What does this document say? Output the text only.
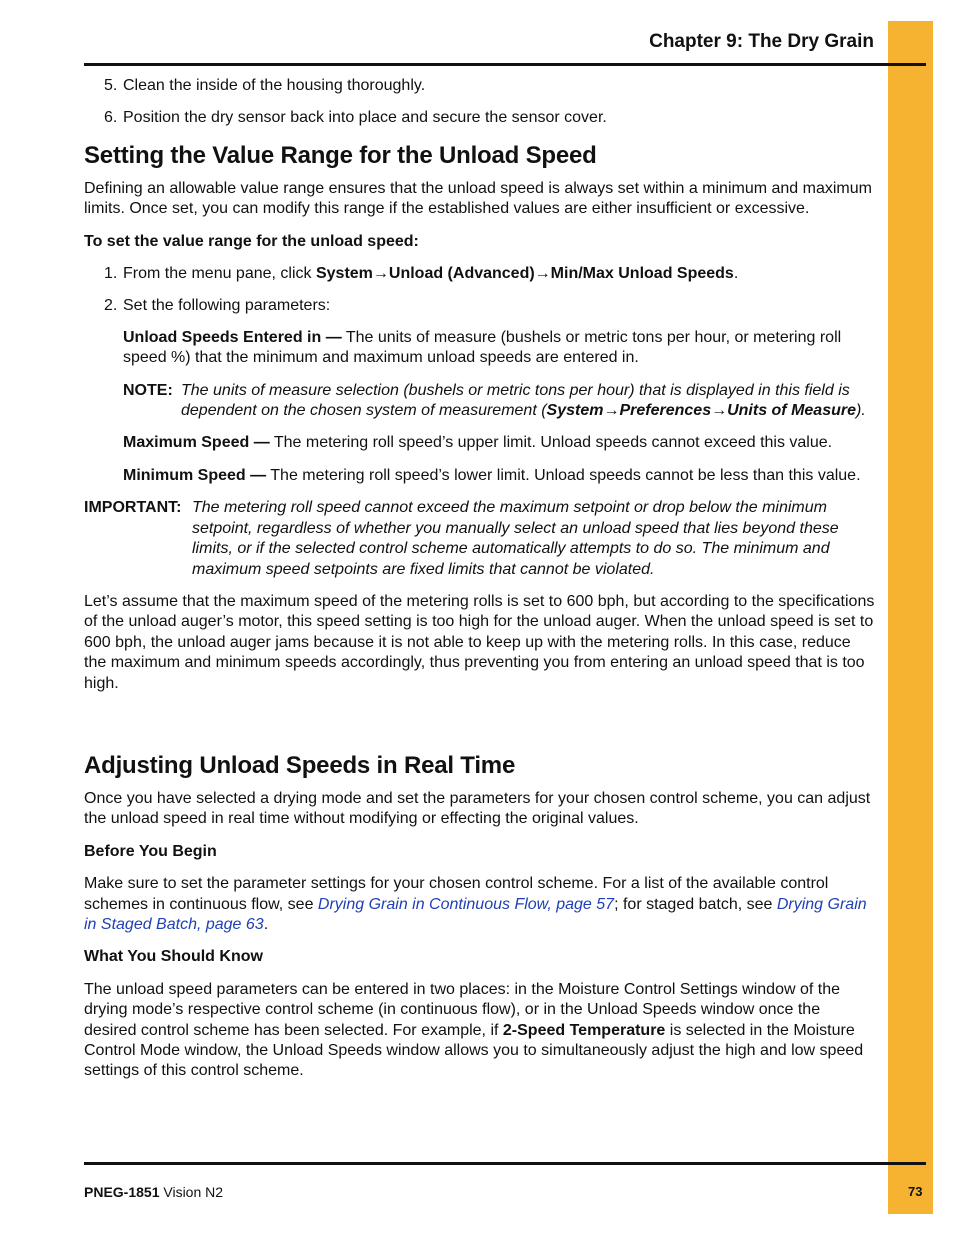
Chapter 9: The Dry Grain
5. Clean the inside of the housing thoroughly.
6. Position the dry sensor back into place and secure the sensor cover.
Setting the Value Range for the Unload Speed

Defining an allowable value range ensures that the unload speed is always set within a minimum and maximum limits. Once set, you can modify this range if the established values are either insufficient or excessive.

To set the value range for the unload speed:

1. From the menu pane, click System→Unload (Advanced)→Min/Max Unload Speeds.
2. Set the following parameters:

Unload Speeds Entered in — The units of measure (bushels or metric tons per hour, or metering roll speed %) that the minimum and maximum unload speeds are entered in.

NOTE: The units of measure selection (bushels or metric tons per hour) that is displayed in this field is dependent on the chosen system of measurement (System→Preferences→Units of Measure).

Maximum Speed — The metering roll speed’s upper limit. Unload speeds cannot exceed this value.

Minimum Speed — The metering roll speed’s lower limit. Unload speeds cannot be less than this value.

IMPORTANT: The metering roll speed cannot exceed the maximum setpoint or drop below the minimum setpoint, regardless of whether you manually select an unload speed that lies beyond these limits, or if the selected control scheme automatically attempts to do so. The minimum and maximum speed setpoints are fixed limits that cannot be violated.

Let’s assume that the maximum speed of the metering rolls is set to 600 bph, but according to the specifications of the unload auger’s motor, this speed setting is too high for the unload auger. When the unload speed is set to 600 bph, the unload auger jams because it is not able to keep up with the metering rolls. In this case, reduce the maximum and minimum speeds accordingly, thus preventing you from entering an unload speed that is too high.

Adjusting Unload Speeds in Real Time

Once you have selected a drying mode and set the parameters for your chosen control scheme, you can adjust the unload speed in real time without modifying or effecting the original values.

Before You Begin

Make sure to set the parameter settings for your chosen control scheme. For a list of the available control schemes in continuous flow, see Drying Grain in Continuous Flow, page 57; for staged batch, see Drying Grain in Staged Batch, page 63.

What You Should Know

The unload speed parameters can be entered in two places: in the Moisture Control Settings window of the drying mode’s respective control scheme (in continuous flow), or in the Unload Speeds window once the desired control scheme has been selected. For example, if 2-Speed Temperature is selected in the Moisture Control Mode window, the Unload Speeds window allows you to simultaneously adjust the high and low speed settings of this control scheme.

PNEG-1851 Vision N2	73
